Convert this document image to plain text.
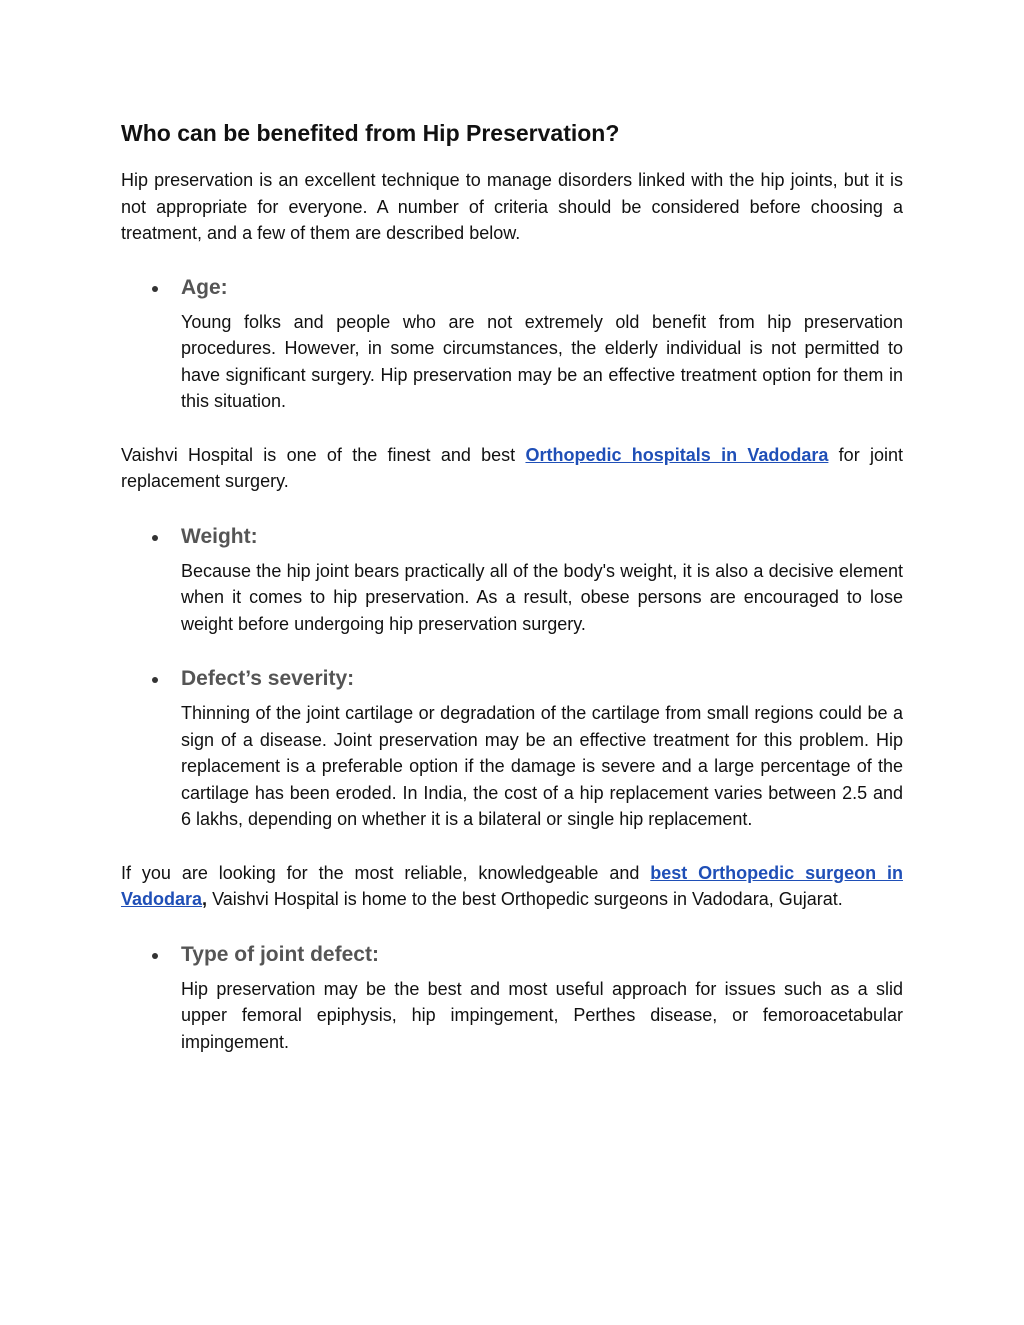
Who can be benefited from Hip Preservation?

Hip preservation is an excellent technique to manage disorders linked with the hip joints, but it is not appropriate for everyone. A number of criteria should be considered before choosing a treatment, and a few of them are described below.

Age:

Young folks and people who are not extremely old benefit from hip preservation procedures. However, in some circumstances, the elderly individual is not permitted to have significant surgery. Hip preservation may be an effective treatment option for them in this situation.

Vaishvi Hospital is one of the finest and best Orthopedic hospitals in Vadodara for joint replacement surgery.

Weight:

Because the hip joint bears practically all of the body's weight, it is also a decisive element when it comes to hip preservation. As a result, obese persons are encouraged to lose weight before undergoing hip preservation surgery.

Defect’s severity:

Thinning of the joint cartilage or degradation of the cartilage from small regions could be a sign of a disease. Joint preservation may be an effective treatment for this problem. Hip replacement is a preferable option if the damage is severe and a large percentage of the cartilage has been eroded. In India, the cost of a hip replacement varies between 2.5 and 6 lakhs, depending on whether it is a bilateral or single hip replacement.

If you are looking for the most reliable, knowledgeable and best Orthopedic surgeon in Vadodara, Vaishvi Hospital is home to the best Orthopedic surgeons in Vadodara, Gujarat.

Type of joint defect:

Hip preservation may be the best and most useful approach for issues such as a slid upper femoral epiphysis, hip impingement, Perthes disease, or femoroacetabular impingement.
